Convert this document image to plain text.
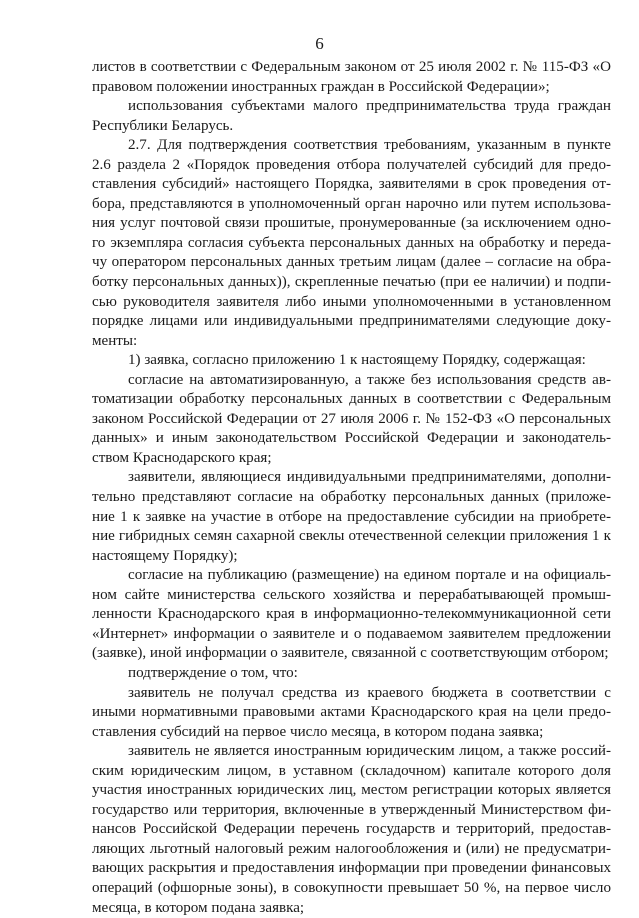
6
листов в соответствии с Федеральным законом от 25 июля 2002 г. № 115-ФЗ «О
правовом положении иностранных граждан в Российской Федерации»;
использования субъектами малого предпринимательства труда граждан
Республики Беларусь.
2.7. Для подтверждения соответствия требованиям, указанным в пункте
2.6 раздела 2 «Порядок проведения отбора получателей субсидий для предо-
ставления субсидий» настоящего Порядка, заявителями в срок проведения от-
бора, представляются в уполномоченный орган нарочно или путем использова-
ния услуг почтовой связи прошитые, пронумерованные (за исключением одно-
го экземпляра согласия субъекта персональных данных на обработку и переда-
чу оператором персональных данных третьим лицам (далее – согласие на обра-
ботку персональных данных)), скрепленные печатью (при ее наличии) и подпи-
сью руководителя заявителя либо иными уполномоченными в установленном
порядке лицами или индивидуальными предпринимателями следующие доку-
менты:
1) заявка, согласно приложению 1 к настоящему Порядку, содержащая:
согласие на автоматизированную, а также без использования средств ав-
томатизации обработку персональных данных в соответствии с Федеральным
законом Российской Федерации от 27 июля 2006 г. № 152-ФЗ «О персональных
данных» и иным законодательством Российской Федерации и законодатель-
ством Краснодарского края;
заявители, являющиеся индивидуальными предпринимателями, дополни-
тельно представляют согласие на обработку персональных данных (приложе-
ние 1 к заявке на участие в отборе на предоставление субсидии на приобрете-
ние гибридных семян сахарной свеклы отечественной селекции приложения 1 к
настоящему Порядку);
согласие на публикацию (размещение) на едином портале и на официаль-
ном сайте министерства сельского хозяйства и перерабатывающей промыш-
ленности Краснодарского края в информационно-телекоммуникационной сети
«Интернет» информации о заявителе и о подаваемом заявителем предложении
(заявке), иной информации о заявителе, связанной с соответствующим отбором;
подтверждение о том, что:
заявитель не получал средства из краевого бюджета в соответствии с
иными нормативными правовыми актами Краснодарского края на цели предо-
ставления субсидий на первое число месяца, в котором подана заявка;
заявитель не является иностранным юридическим лицом, а также россий-
ским юридическим лицом, в уставном (складочном) капитале которого доля
участия иностранных юридических лиц, местом регистрации которых является
государство или территория, включенные в утвержденный Министерством фи-
нансов Российской Федерации перечень государств и территорий, предостав-
ляющих льготный налоговый режим налогообложения и (или) не предусматри-
вающих раскрытия и предоставления информации при проведении финансовых
операций (офшорные зоны), в совокупности превышает 50 %, на первое число
месяца, в котором подана заявка;
